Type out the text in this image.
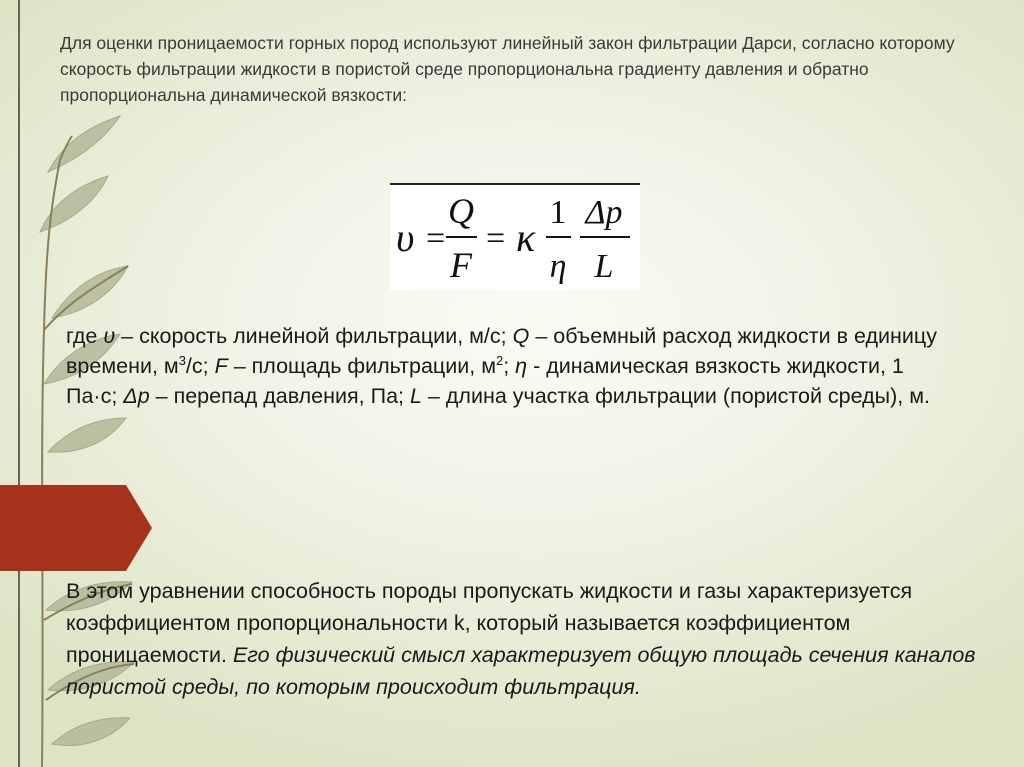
Для оценки проницаемости горных пород используют линейный закон фильтрации Дарси, согласно которому скорость фильтрации жидкости в пористой среде пропорциональна градиенту давления и обратно пропорциональна динамической вязкости:

υ =
Q
F
= κ
1
η
Δp
L

где υ – скорость линейной фильтрации, м/с; Q – объемный расход жидкости в единицу времени, $м^3/с$; F – площадь фильтрации, $м^2$; η - динамическая вязкость жидкости, 1 Па·с; Δp – перепад давления, Па; L – длина участка фильтрации (пористой среды), м.

В этом уравнении способность породы пропускать жидкости и газы характеризуется коэффициентом пропорциональности k, который называется коэффициентом проницаемости. Его физический смысл характеризует общую площадь сечения каналов пористой среды, по которым происходит фильтрация.
